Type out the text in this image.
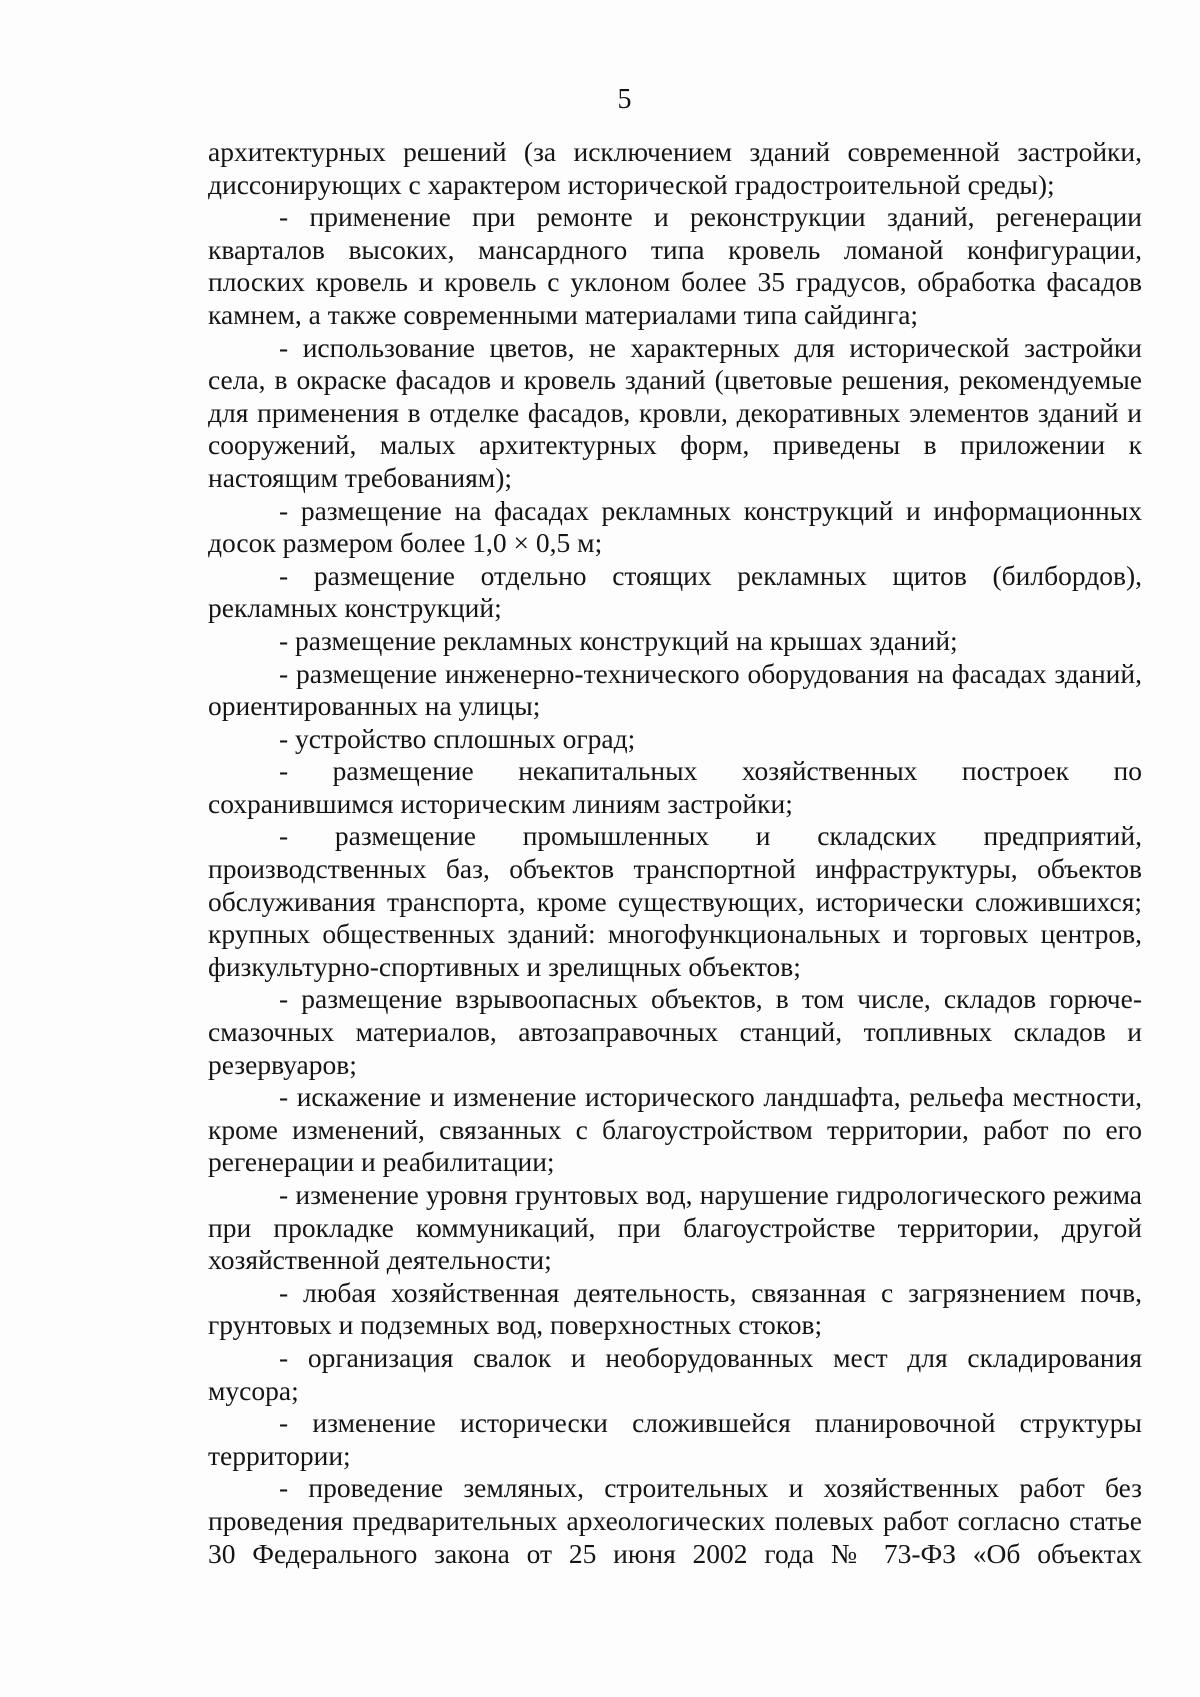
5

архитектурных решений (за исключением зданий современной застройки, диссонирующих с характером исторической градостроительной среды);

- применение при ремонте и реконструкции зданий, регенерации кварталов высоких, мансардного типа кровель ломаной конфигурации, плоских кровель и кровель с уклоном более 35 градусов, обработка фасадов камнем, а также современными материалами типа сайдинга;

- использование цветов, не характерных для исторической застройки села, в окраске фасадов и кровель зданий (цветовые решения, рекомендуемые для применения в отделке фасадов, кровли, декоративных элементов зданий и сооружений, малых архитектурных форм, приведены в приложении к настоящим требованиям);

- размещение на фасадах рекламных конструкций и информационных досок размером более 1,0 × 0,5 м;

- размещение отдельно стоящих рекламных щитов (билбордов), рекламных конструкций;

- размещение рекламных конструкций на крышах зданий;

- размещение инженерно-технического оборудования на фасадах зданий, ориентированных на улицы;

- устройство сплошных оград;

- размещение некапитальных хозяйственных построек по сохранившимся историческим линиям застройки;

- размещение промышленных и складских предприятий, производственных баз, объектов транспортной инфраструктуры, объектов обслуживания транспорта, кроме существующих, исторически сложившихся; крупных общественных зданий: многофункциональных и торговых центров, физкультурно-спортивных и зрелищных объектов;

- размещение взрывоопасных объектов, в том числе, складов горюче-смазочных материалов, автозаправочных станций, топливных складов и резервуаров;

- искажение и изменение исторического ландшафта, рельефа местности, кроме изменений, связанных с благоустройством территории, работ по его регенерации и реабилитации;

- изменение уровня грунтовых вод, нарушение гидрологического режима при прокладке коммуникаций, при благоустройстве территории, другой хозяйственной деятельности;

- любая хозяйственная деятельность, связанная с загрязнением почв, грунтовых и подземных вод, поверхностных стоков;

- организация свалок и необорудованных мест для складирования мусора;

- изменение исторически сложившейся планировочной структуры территории;

- проведение земляных, строительных и хозяйственных работ без проведения предварительных археологических полевых работ согласно статье 30 Федерального закона от 25 июня 2002 года № 73-ФЗ «Об объектах
